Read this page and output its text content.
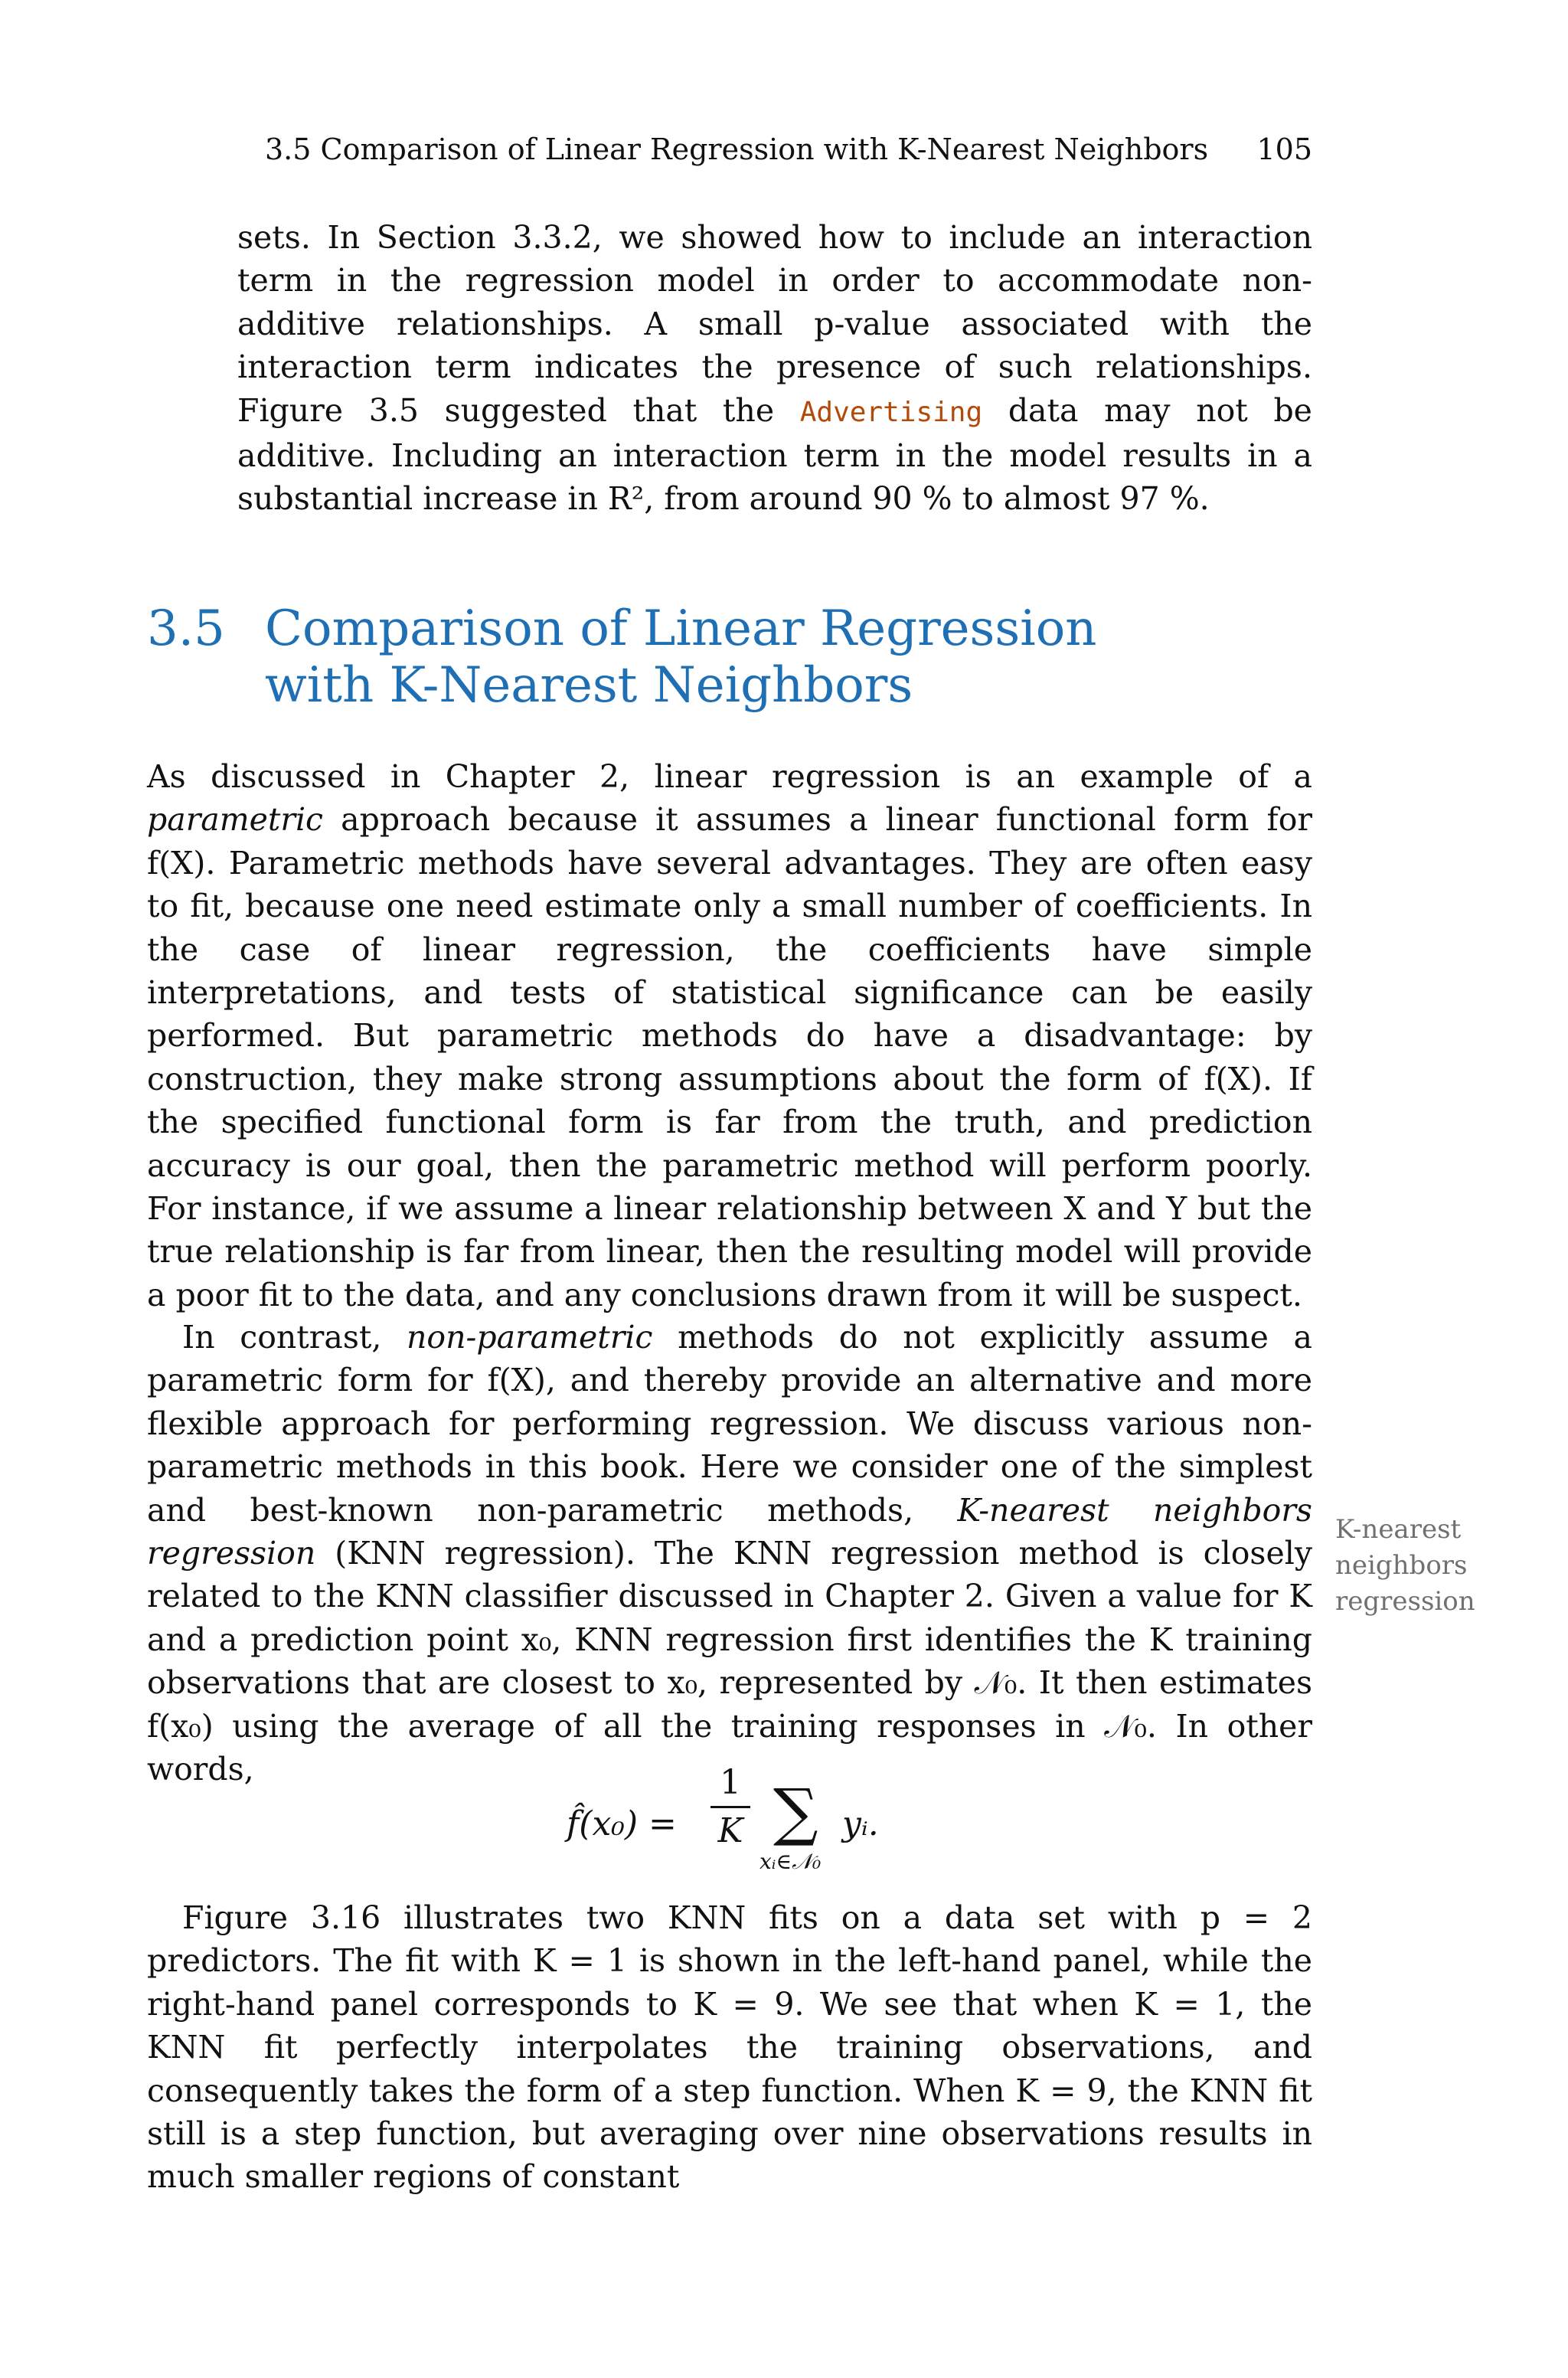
3.5 Comparison of Linear Regression with K-Nearest Neighbors 105

sets. In Section 3.3.2, we showed how to include an interaction term in the regression model in order to accommodate non-additive relationships. A small p-value associated with the interaction term indicates the presence of such relationships. Figure 3.5 suggested that the Advertising data may not be additive. Including an interaction term in the model results in a substantial increase in R², from around 90 % to almost 97 %.

3.5 Comparison of Linear Regression with K-Nearest Neighbors

As discussed in Chapter 2, linear regression is an example of a parametric approach because it assumes a linear functional form for f(X). Parametric methods have several advantages. They are often easy to fit, because one need estimate only a small number of coefficients. In the case of linear regression, the coefficients have simple interpretations, and tests of statistical significance can be easily performed. But parametric methods do have a disadvantage: by construction, they make strong assumptions about the form of f(X). If the specified functional form is far from the truth, and prediction accuracy is our goal, then the parametric method will perform poorly. For instance, if we assume a linear relationship between X and Y but the true relationship is far from linear, then the resulting model will provide a poor fit to the data, and any conclusions drawn from it will be suspect.

In contrast, non-parametric methods do not explicitly assume a parametric form for f(X), and thereby provide an alternative and more flexible approach for performing regression. We discuss various non-parametric methods in this book. Here we consider one of the simplest and best-known non-parametric methods, K-nearest neighbors regression (KNN regression). The KNN regression method is closely related to the KNN classifier discussed in Chapter 2. Given a value for K and a prediction point x₀, KNN regression first identifies the K training observations that are closest to x₀, represented by 𝒩₀. It then estimates f(x₀) using the average of all the training responses in 𝒩₀. In other words,

K-nearest neighbors regression
f̂(x₀) =
1
K ∑
xᵢ∈𝒩₀
yᵢ.

Figure 3.16 illustrates two KNN fits on a data set with p = 2 predictors. The fit with K = 1 is shown in the left-hand panel, while the right-hand panel corresponds to K = 9. We see that when K = 1, the KNN fit perfectly interpolates the training observations, and consequently takes the form of a step function. When K = 9, the KNN fit still is a step function, but averaging over nine observations results in much smaller regions of constant
